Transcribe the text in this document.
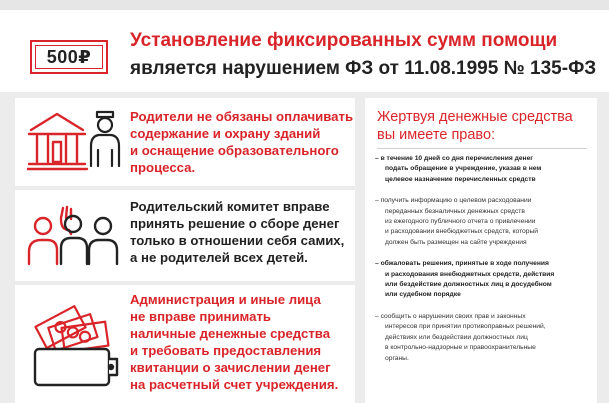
500₽
Установление фиксированных сумм помощи
является нарушением ФЗ от 11.08.1995 № 135-ФЗ
Родители не обязаны оплачивать
содержание и охрану зданий
и оснащение образовательного
процесса.
Родительский комитет вправе
принять решение о сборе денег
только в отношении себя самих,
а не родителей всех детей.
Администрация и иные лица
не вправе принимать
наличные денежные средства
и требовать предоставления
квитанции о зачислении денег
на расчетный счет учреждения.
Жертвуя денежные средства
вы имеете право:
– в течение 10 дней со дня перечисления денег
подать обращение в учреждение, указав в нем
целевое назначение перечисленных средств
– получить информацию о целевом расходовании
переданных безналичных денежных средств
из ежегодного публичного отчета о привлечении
и расходовании внебюджетных средств, который
должен быть размещен на сайте учреждения
– обжаловать решения, принятые в ходе получения
и расходования внебюджетных средств, действия
или бездействие должностных лиц в досудебном
или судебном порядке
– сообщить о нарушении своих прав и законных
интересов при принятии противоправных решений,
действиях или бездействии должностных лиц
в контрольно-надзорные и правоохранительные
органы.
